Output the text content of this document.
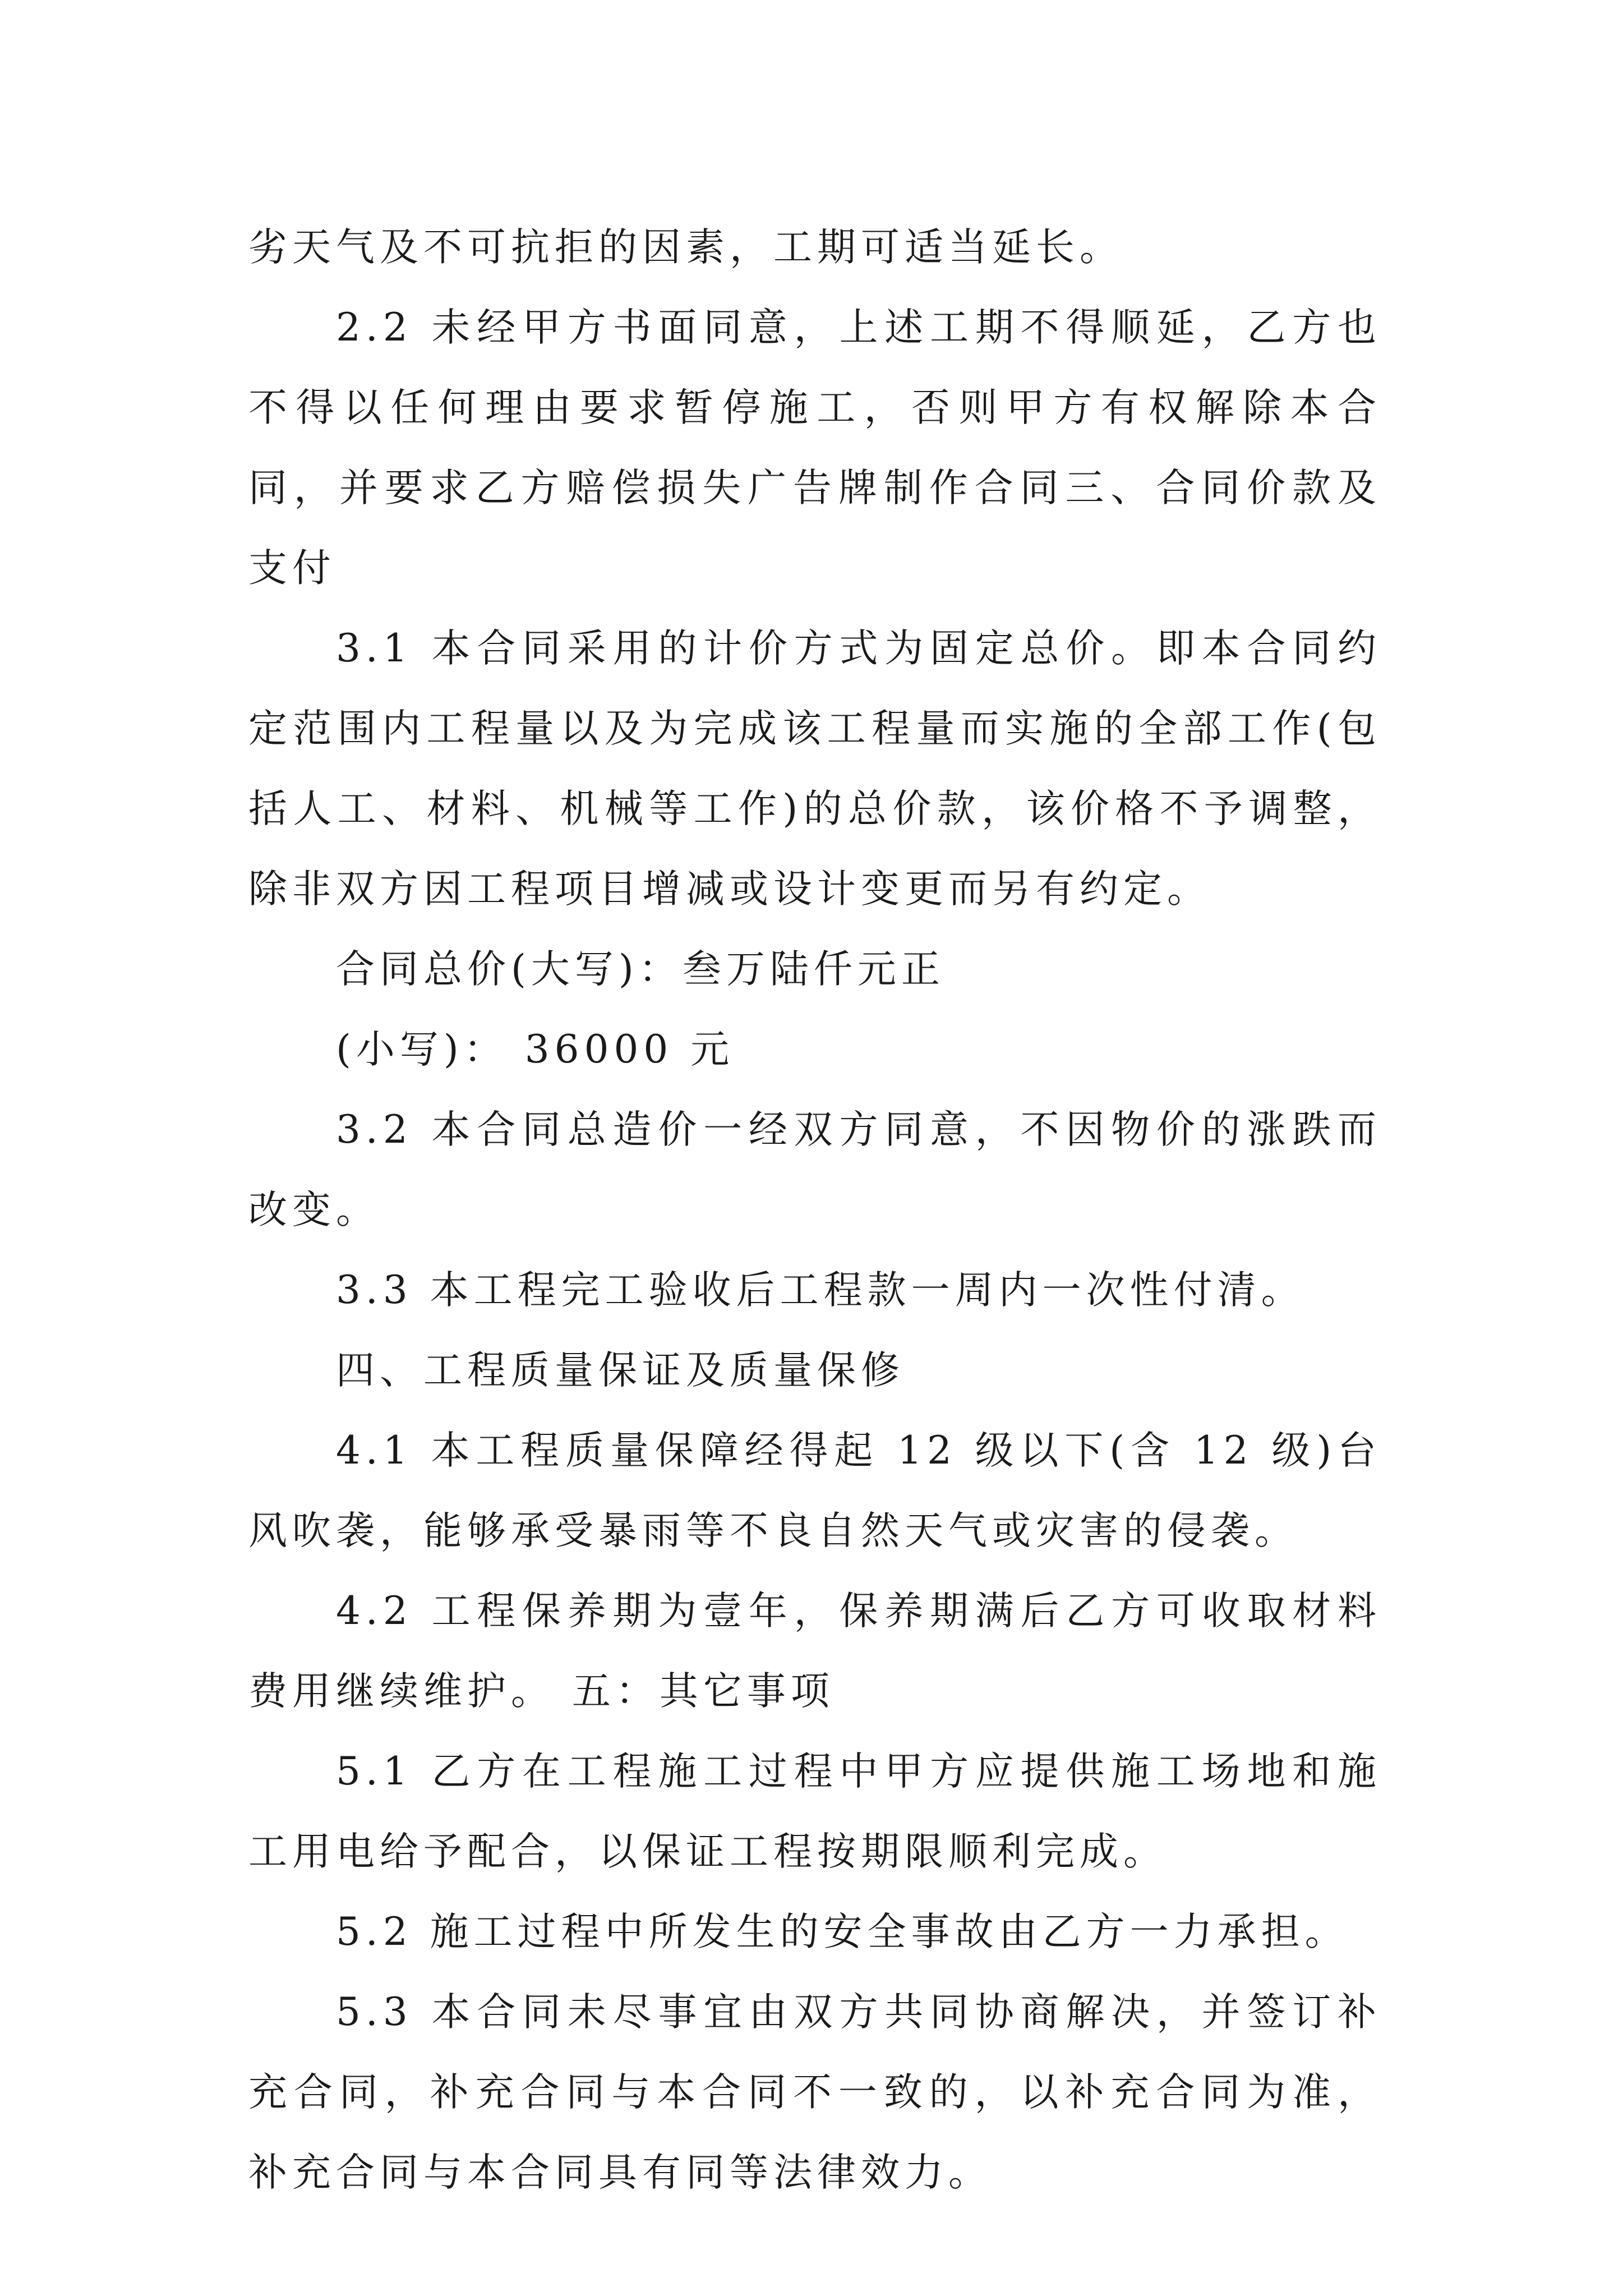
劣天气及不可抗拒的因素，工期可适当延长。

2.2 未经甲方书面同意，上述工期不得顺延，乙方也不得以任何理由要求暂停施工，否则甲方有权解除本合同，并要求乙方赔偿损失广告牌制作合同三、合同价款及支付

3.1 本合同采用的计价方式为固定总价。即本合同约定范围内工程量以及为完成该工程量而实施的全部工作(包括人工、材料、机械等工作)的总价款，该价格不予调整，除非双方因工程项目增减或设计变更而另有约定。

合同总价(大写)：叁万陆仟元正

(小写)： 36000 元

3.2 本合同总造价一经双方同意，不因物价的涨跌而改变。

3.3 本工程完工验收后工程款一周内一次性付清。

四、工程质量保证及质量保修

4.1 本工程质量保障经得起 12 级以下(含 12 级)台风吹袭，能够承受暴雨等不良自然天气或灾害的侵袭。

4.2 工程保养期为壹年，保养期满后乙方可收取材料费用继续维护。 五：其它事项

5.1 乙方在工程施工过程中甲方应提供施工场地和施工用电给予配合，以保证工程按期限顺利完成。

5.2 施工过程中所发生的安全事故由乙方一力承担。

5.3 本合同未尽事宜由双方共同协商解决，并签订补充合同，补充合同与本合同不一致的，以补充合同为准，补充合同与本合同具有同等法律效力。
